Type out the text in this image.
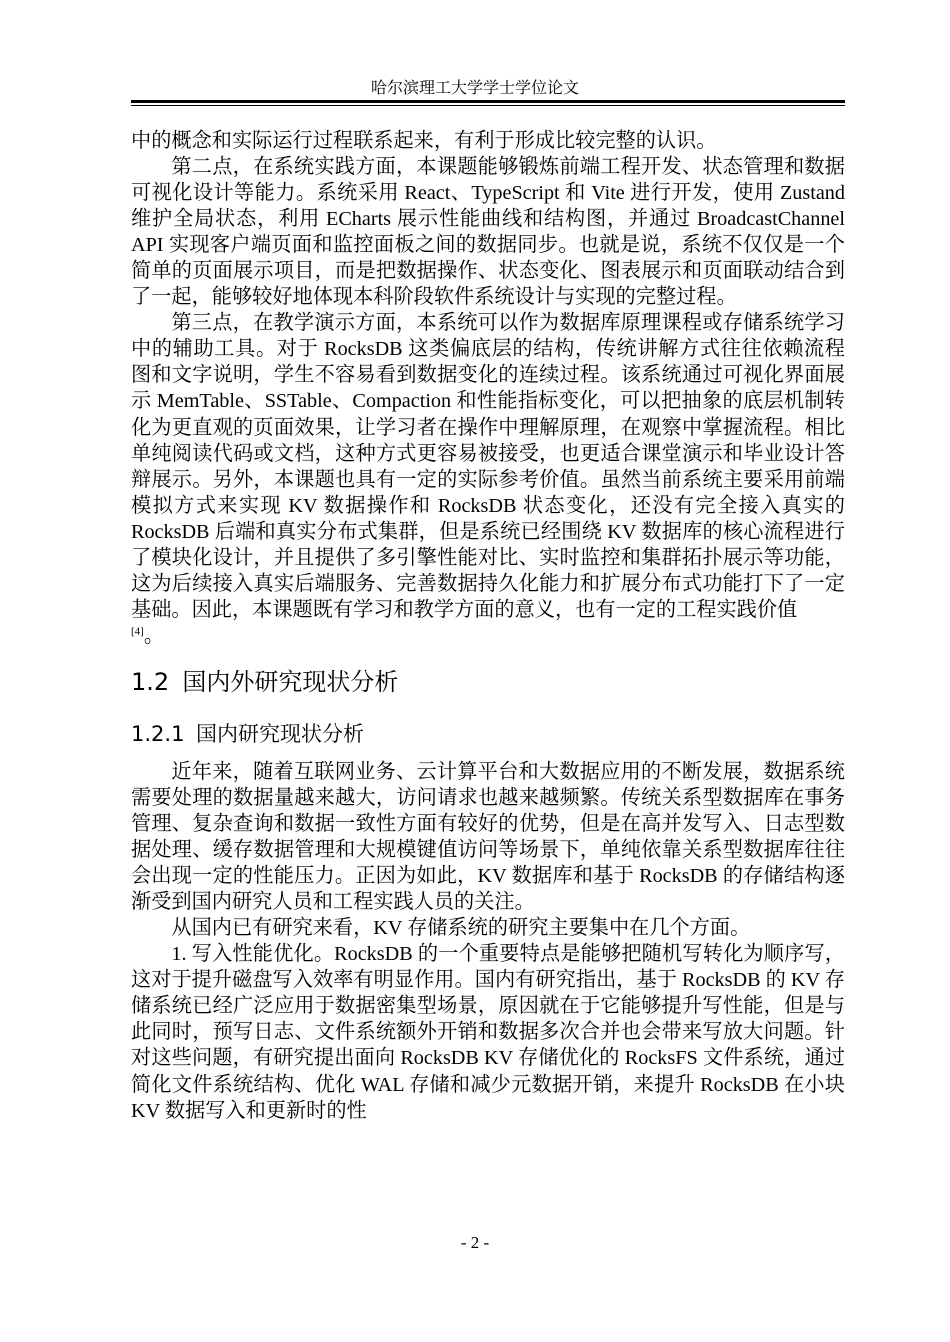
哈尔滨理工大学学士学位论文

中的概念和实际运行过程联系起来，有利于形成比较完整的认识。

第二点，在系统实践方面，本课题能够锻炼前端工程开发、状态管理和数据可视化设计等能力。系统采用 React、TypeScript 和 Vite 进行开发，使用 Zustand 维护全局状态，利用 ECharts 展示性能曲线和结构图，并通过 BroadcastChannel API 实现客户端页面和监控面板之间的数据同步。也就是说，系统不仅仅是一个简单的页面展示项目，而是把数据操作、状态变化、图表展示和页面联动结合到了一起，能够较好地体现本科阶段软件系统设计与实现的完整过程。

第三点，在教学演示方面，本系统可以作为数据库原理课程或存储系统学习中的辅助工具。对于 RocksDB 这类偏底层的结构，传统讲解方式往往依赖流程图和文字说明，学生不容易看到数据变化的连续过程。该系统通过可视化界面展示 MemTable、SSTable、Compaction 和性能指标变化，可以把抽象的底层机制转化为更直观的页面效果，让学习者在操作中理解原理，在观察中掌握流程。相比单纯阅读代码或文档，这种方式更容易被接受，也更适合课堂演示和毕业设计答辩展示。另外，本课题也具有一定的实际参考价值。虽然当前系统主要采用前端模拟方式来实现 KV 数据操作和 RocksDB 状态变化，还没有完全接入真实的 RocksDB 后端和真实分布式集群，但是系统已经围绕 KV 数据库的核心流程进行了模块化设计，并且提供了多引擎性能对比、实时监控和集群拓扑展示等功能，这为后续接入真实后端服务、完善数据持久化能力和扩展分布式功能打下了一定基础。因此，本课题既有学习和教学方面的意义，也有一定的工程实践价值
[4]。

1.2 国内外研究现状分析
1.2.1 国内研究现状分析

近年来，随着互联网业务、云计算平台和大数据应用的不断发展，数据系统需要处理的数据量越来越大，访问请求也越来越频繁。传统关系型数据库在事务管理、复杂查询和数据一致性方面有较好的优势，但是在高并发写入、日志型数据处理、缓存数据管理和大规模键值访问等场景下，单纯依靠关系型数据库往往会出现一定的性能压力。正因为如此，KV 数据库和基于 RocksDB 的存储结构逐渐受到国内研究人员和工程实践人员的关注。

从国内已有研究来看，KV 存储系统的研究主要集中在几个方面。

1. 写入性能优化。RocksDB 的一个重要特点是能够把随机写转化为顺序写，这对于提升磁盘写入效率有明显作用。国内有研究指出，基于 RocksDB 的 KV 存储系统已经广泛应用于数据密集型场景，原因就在于它能够提升写性能，但是与此同时，预写日志、文件系统额外开销和数据多次合并也会带来写放大问题。针对这些问题，有研究提出面向 RocksDB KV 存储优化的 RocksFS 文件系统，通过简化文件系统结构、优化 WAL 存储和减少元数据开销，来提升 RocksDB 在小块 KV 数据写入和更新时的性

- 2 -
